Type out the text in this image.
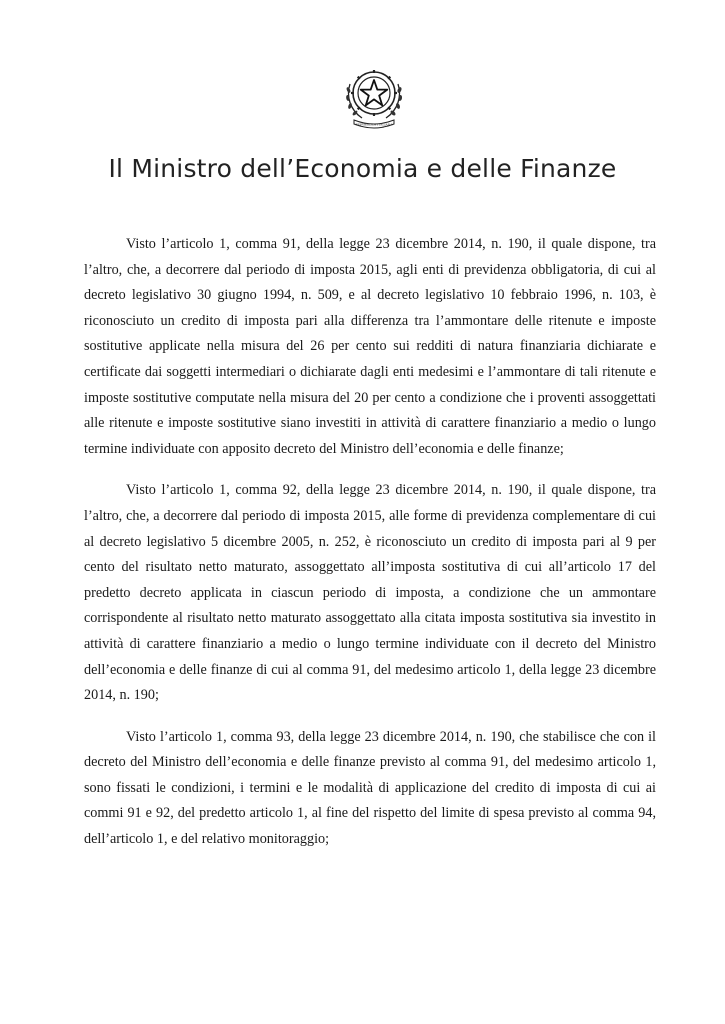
REPVBBLICA ITALIANA
Il Ministro dell’Economia e delle Finanze

Visto l’articolo 1, comma 91, della legge 23 dicembre 2014, n. 190, il quale dispone, tra l’altro, che, a decorrere dal periodo di imposta 2015, agli enti di previdenza obbligatoria, di cui al decreto legislativo 30 giugno 1994, n. 509, e al decreto legislativo 10 febbraio 1996, n. 103, è riconosciuto un credito di imposta pari alla differenza tra l’ammontare delle ritenute e imposte sostitutive applicate nella misura del 26 per cento sui redditi di natura finanziaria dichiarate e certificate dai soggetti intermediari o dichiarate dagli enti medesimi e l’ammontare di tali ritenute e imposte sostitutive computate nella misura del 20 per cento a condizione che i proventi assoggettati alle ritenute e imposte sostitutive siano investiti in attività di carattere finanziario a medio o lungo termine individuate con apposito decreto del Ministro dell’economia e delle finanze;

Visto l’articolo 1, comma 92, della legge 23 dicembre 2014, n. 190, il quale dispone, tra l’altro, che, a decorrere dal periodo di imposta 2015, alle forme di previdenza complementare di cui al decreto legislativo 5 dicembre 2005, n. 252, è riconosciuto un credito di imposta pari al 9 per cento del risultato netto maturato, assoggettato all’imposta sostitutiva di cui all’articolo 17 del predetto decreto applicata in ciascun periodo di imposta, a condizione che un ammontare corrispondente al risultato netto maturato assoggettato alla citata imposta sostitutiva sia investito in attività di carattere finanziario a medio o lungo termine individuate con il decreto del Ministro dell’economia e delle finanze di cui al comma 91, del medesimo articolo 1, della legge 23 dicembre 2014, n. 190;

Visto l’articolo 1, comma 93, della legge 23 dicembre 2014, n. 190, che stabilisce che con il decreto del Ministro dell’economia e delle finanze previsto al comma 91, del medesimo articolo 1, sono fissati le condizioni, i termini e le modalità di applicazione del credito di imposta di cui ai commi 91 e 92, del predetto articolo 1, al fine del rispetto del limite di spesa previsto al comma 94, dell’articolo 1, e del relativo monitoraggio;
